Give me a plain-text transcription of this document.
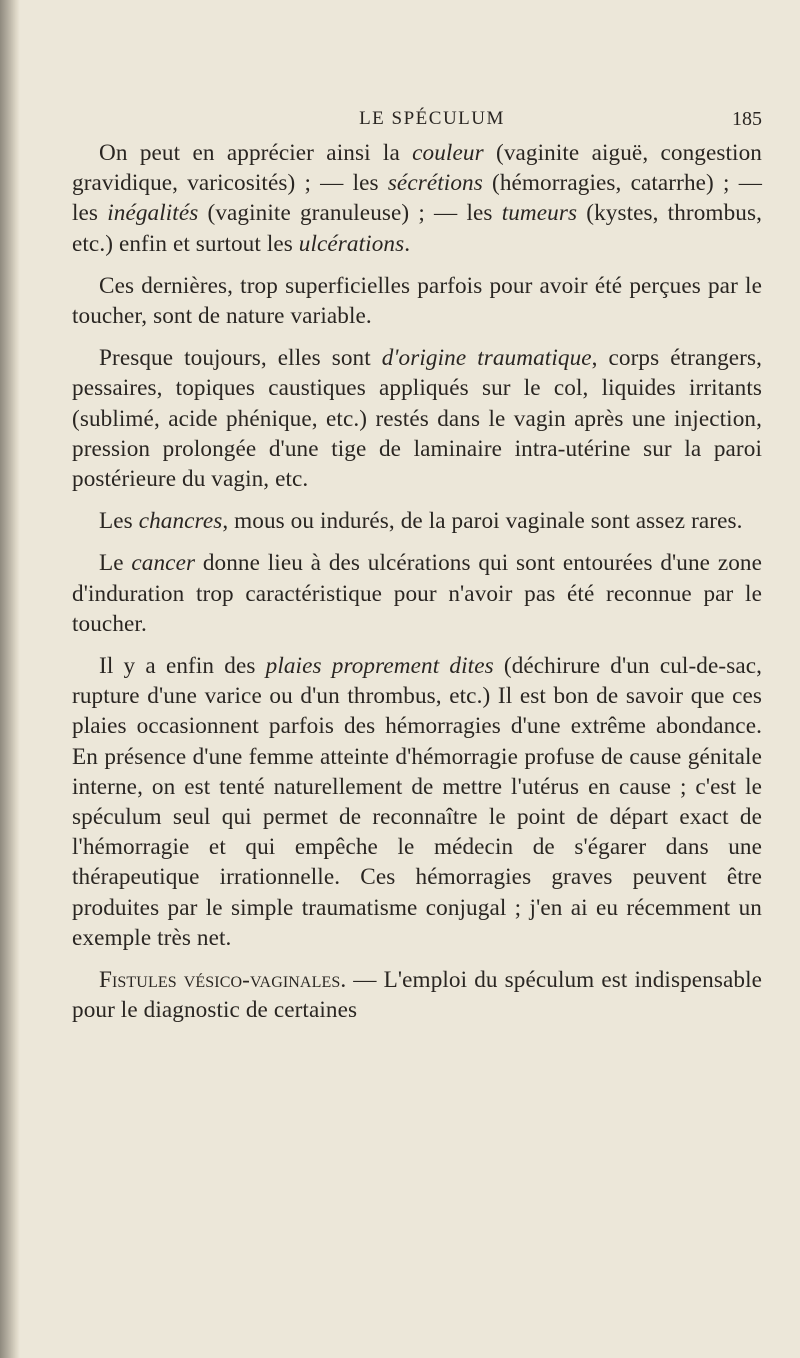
LE SPÉCULUM	185

On peut en apprécier ainsi la couleur (vaginite aiguë, congestion gravidique, varicosités) ; — les sécrétions (hémorragies, catarrhe) ; — les inégalités (vaginite granuleuse) ; — les tumeurs (kystes, thrombus, etc.) enfin et surtout les ulcérations.

Ces dernières, trop superficielles parfois pour avoir été perçues par le toucher, sont de nature variable.

Presque toujours, elles sont d'origine traumatique, corps étrangers, pessaires, topiques caustiques appliqués sur le col, liquides irritants (sublimé, acide phénique, etc.) restés dans le vagin après une injection, pression prolongée d'une tige de laminaire intra-utérine sur la paroi postérieure du vagin, etc.

Les chancres, mous ou indurés, de la paroi vaginale sont assez rares.

Le cancer donne lieu à des ulcérations qui sont entourées d'une zone d'induration trop caractéristique pour n'avoir pas été reconnue par le toucher.

Il y a enfin des plaies proprement dites (déchirure d'un cul-de-sac, rupture d'une varice ou d'un thrombus, etc.) Il est bon de savoir que ces plaies occasionnent parfois des hémorragies d'une extrême abondance. En présence d'une femme atteinte d'hémorragie profuse de cause génitale interne, on est tenté naturellement de mettre l'utérus en cause ; c'est le spéculum seul qui permet de reconnaître le point de départ exact de l'hémorragie et qui empêche le médecin de s'égarer dans une thérapeutique irrationnelle. Ces hémorragies graves peuvent être produites par le simple traumatisme conjugal ; j'en ai eu récemment un exemple très net.

Fistules vésico-vaginales. — L'emploi du spéculum est indispensable pour le diagnostic de certaines
